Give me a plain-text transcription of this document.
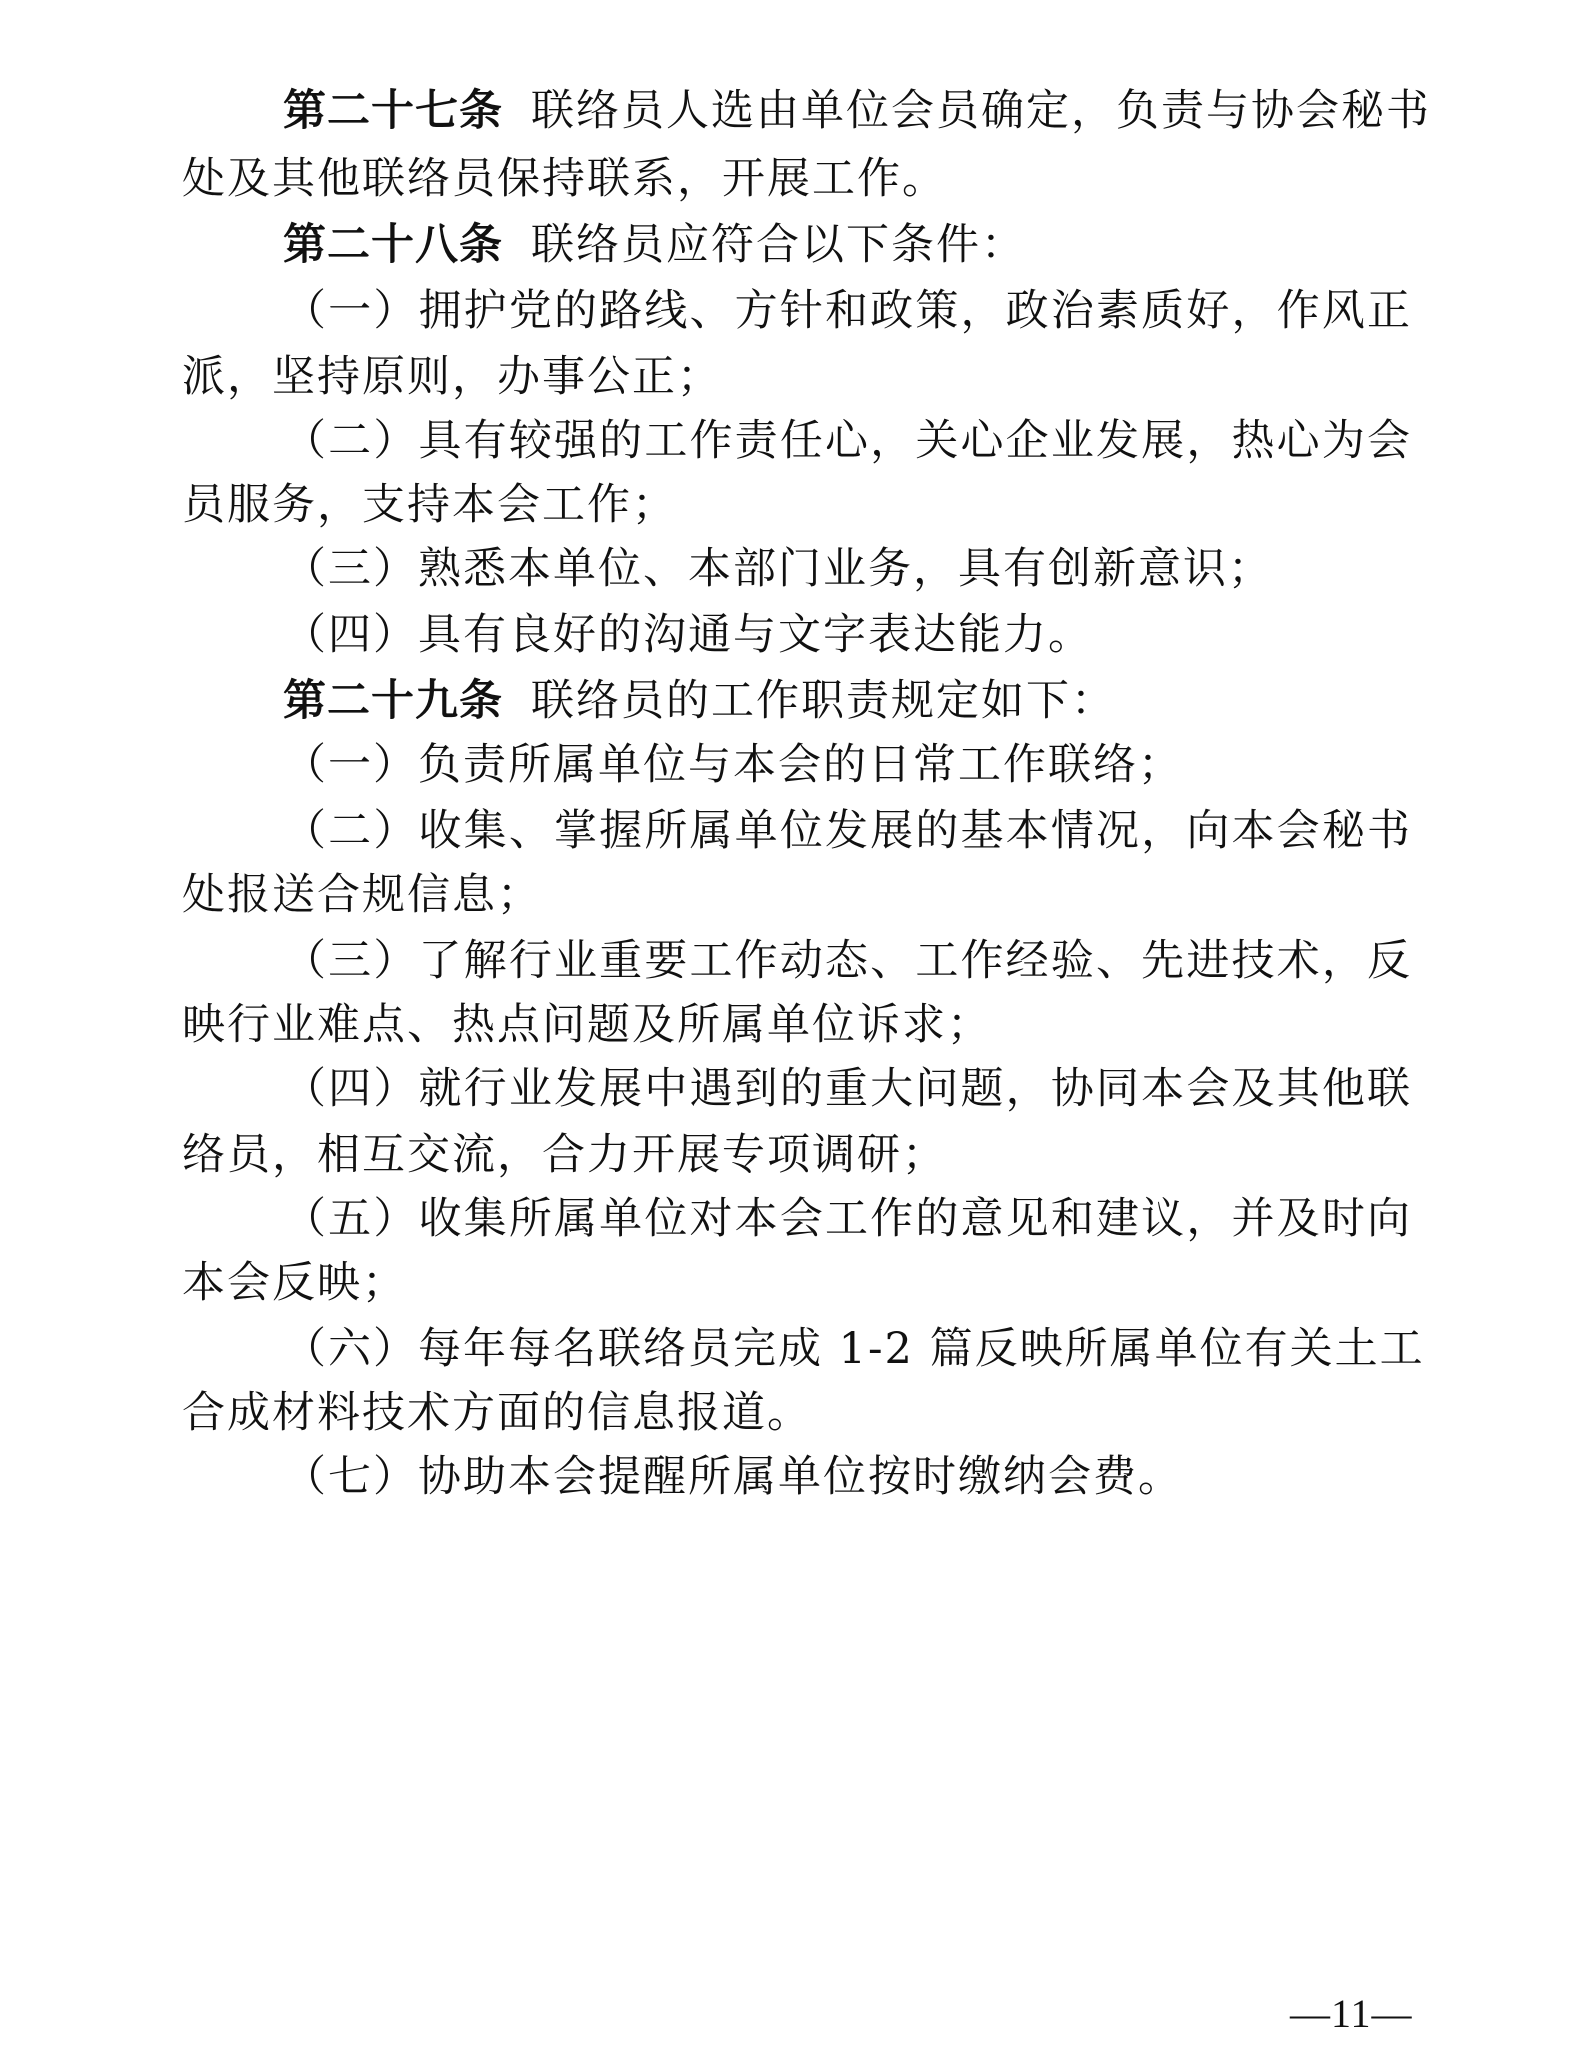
第二十七条 联络员人选由单位会员确定，负责与协会秘书
处及其他联络员保持联系，开展工作。
第二十八条 联络员应符合以下条件：
（一）拥护党的路线、方针和政策，政治素质好，作风正
派，坚持原则，办事公正；
（二）具有较强的工作责任心，关心企业发展，热心为会
员服务，支持本会工作；
（三）熟悉本单位、本部门业务，具有创新意识；
（四）具有良好的沟通与文字表达能力。
第二十九条 联络员的工作职责规定如下：
（一）负责所属单位与本会的日常工作联络；
（二）收集、掌握所属单位发展的基本情况，向本会秘书
处报送合规信息；
（三）了解行业重要工作动态、工作经验、先进技术，反
映行业难点、热点问题及所属单位诉求；
（四）就行业发展中遇到的重大问题，协同本会及其他联
络员，相互交流，合力开展专项调研；
（五）收集所属单位对本会工作的意见和建议，并及时向
本会反映；
（六）每年每名联络员完成 1-2 篇反映所属单位有关土工
合成材料技术方面的信息报道。
（七）协助本会提醒所属单位按时缴纳会费。
—11—
